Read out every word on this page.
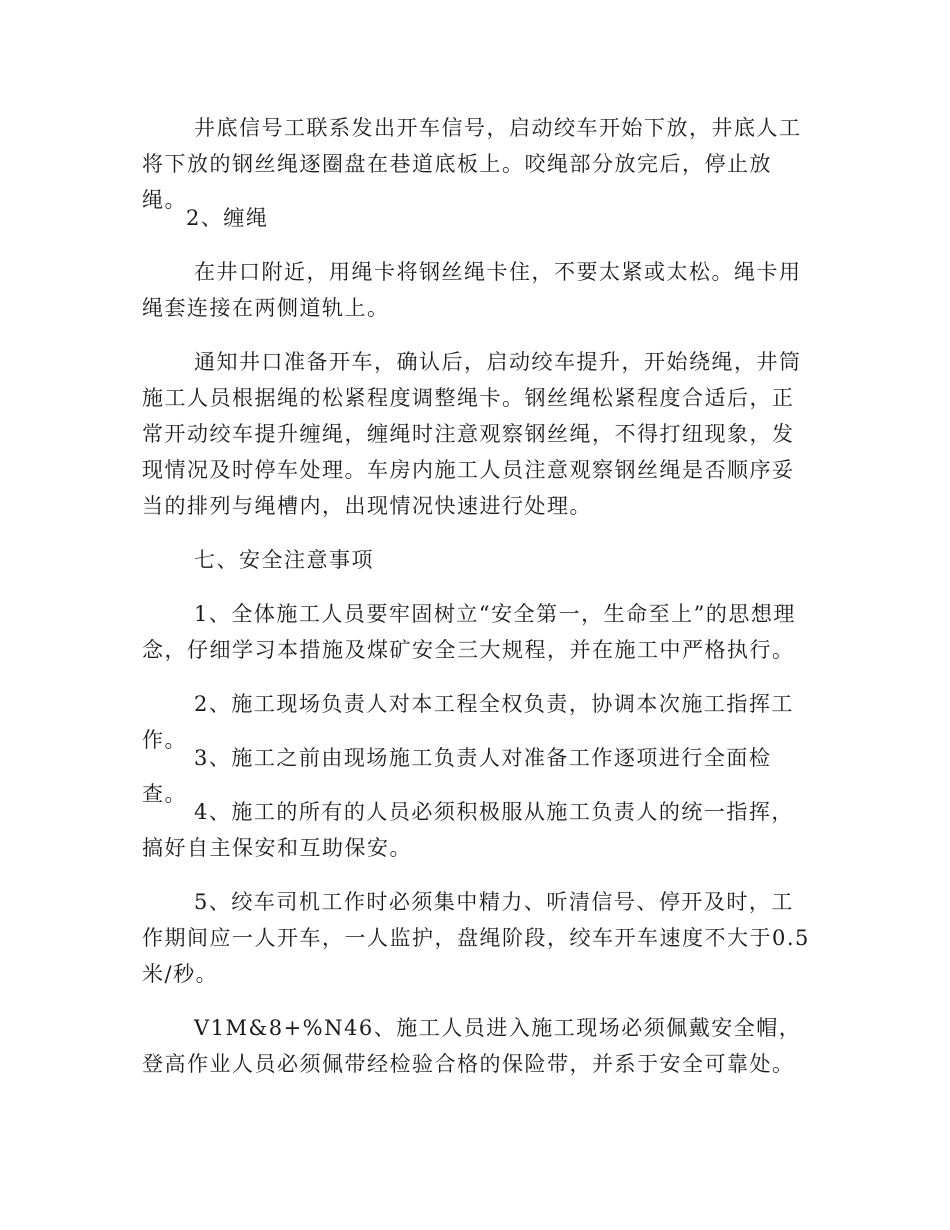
井底信号工联系发出开车信号，启动绞车开始下放，井底人工将下放的钢丝绳逐圈盘在巷道底板上。咬绳部分放完后，停止放绳。

2、缠绳

在井口附近，用绳卡将钢丝绳卡住，不要太紧或太松。绳卡用绳套连接在两侧道轨上。

通知井口准备开车，确认后，启动绞车提升，开始绕绳，井筒施工人员根据绳的松紧程度调整绳卡。钢丝绳松紧程度合适后，正常开动绞车提升缠绳，缠绳时注意观察钢丝绳，不得打纽现象，发现情况及时停车处理。车房内施工人员注意观察钢丝绳是否顺序妥当的排列与绳槽内，出现情况快速进行处理。

七、安全注意事项

1、全体施工人员要牢固树立“安全第一，生命至上”的思想理念，仔细学习本措施及煤矿安全三大规程，并在施工中严格执行。

2、施工现场负责人对本工程全权负责，协调本次施工指挥工作。

3、施工之前由现场施工负责人对准备工作逐项进行全面检查。

4、施工的所有的人员必须积极服从施工负责人的统一指挥，搞好自主保安和互助保安。

5、绞车司机工作时必须集中精力、听清信号、停开及时，工作期间应一人开车，一人监护，盘绳阶段，绞车开车速度不大于0.5米/秒。

V1M&8+%N46、施工人员进入施工现场必须佩戴安全帽，登高作业人员必须佩带经检验合格的保险带，并系于安全可靠处。
